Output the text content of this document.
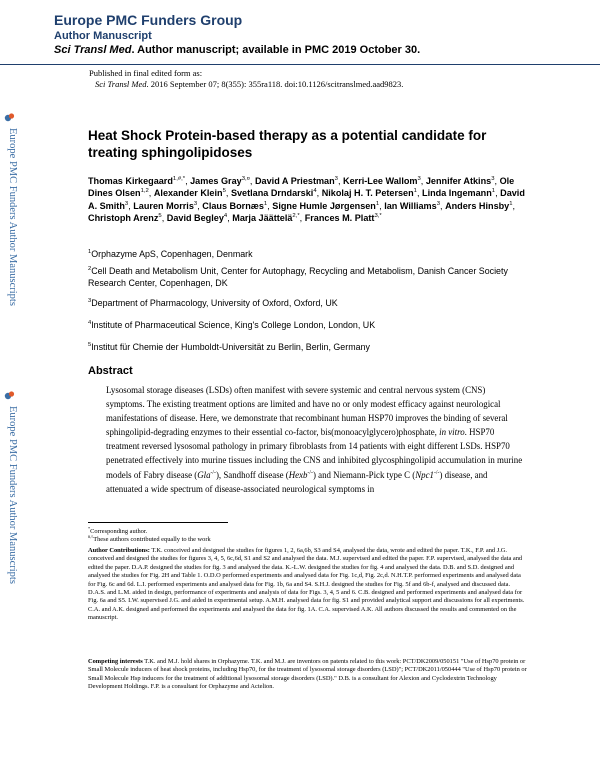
Europe PMC Funders Group
Author Manuscript
Sci Transl Med. Author manuscript; available in PMC 2019 October 30.
Published in final edited form as:
Sci Transl Med. 2016 September 07; 8(355): 355ra118. doi:10.1126/scitranslmed.aad9823.
Europe PMC Funders Author Manuscripts
Europe PMC Funders Author Manuscripts
Heat Shock Protein-based therapy as a potential candidate for treating sphingolipidoses
Thomas Kirkegaard$^{1,\#,*}$, James Gray$^{3,¤}$, David A Priestman$^3$, Kerri-Lee Wallom$^3$, Jennifer Atkins$^3$, Ole Dines Olsen$^{1,2}$, Alexander Klein$^5$, Svetlana Drndarski$^4$, Nikolaj H. T. Petersen$^1$, Linda Ingemann$^1$, David A. Smith$^3$, Lauren Morris$^3$, Claus Bornæs$^1$, Signe Humle Jørgensen$^1$, Ian Williams$^3$, Anders Hinsby$^1$, Christoph Arenz$^5$, David Begley$^4$, Marja Jäättelä$^{2,*}$, Frances M. Platt$^{3,*}$
$^1$Orphazyme ApS, Copenhagen, Denmark
$^2$Cell Death and Metabolism Unit, Center for Autophagy, Recycling and Metabolism, Danish Cancer Society Research Center, Copenhagen, DK
$^3$Department of Pharmacology, University of Oxford, Oxford, UK
$^4$Institute of Pharmaceutical Science, King's College London, London, UK
$^5$Institut für Chemie der Humboldt-Universität zu Berlin, Berlin, Germany
Abstract
Lysosomal storage diseases (LSDs) often manifest with severe systemic and central nervous system (CNS) symptoms. The existing treatment options are limited and have no or only modest efficacy against neurological manifestations of disease. Here, we demonstrate that recombinant human HSP70 improves the binding of several sphingolipid-degrading enzymes to their essential co-factor, bis(monoacylglycero)phosphate, in vitro. HSP70 treatment reversed lysosomal pathology in primary fibroblasts from 14 patients with eight different LSDs. HSP70 penetrated effectively into murine tissues including the CNS and inhibited glycosphingolipid accumulation in murine models of Fabry disease (Gla-/-), Sandhoff disease (Hexb-/-) and Niemann-Pick type C (Npc1-/-) disease, and attenuated a wide spectrum of disease-associated neurological symptoms in
*Corresponding author.
#,¤These authors contributed equally to the work
Author Contributions: T.K. conceived and designed the studies for figures 1, 2, 6a,6b, S3 and S4, analysed the data, wrote and edited the paper. T.K., F.P. and J.G. conceived and designed the studies for figures 3, 4, 5, 6c,6d, S1 and S2 and analysed the data. M.J. supervised and edited the paper. F.P. supervised, analysed the data and edited the paper. D.A.P. designed the studies for fig. 3 and analysed the data. K.-L.W. designed the studies for fig. 4 and analysed the data. D.B. and S.D. designed and analysed the studies for Fig. 2H and Table 1. O.D.O performed experiments and analysed data for Fig. 1c,d, Fig. 2c,d. N.H.T.P. performed experiments and analysed data for Fig. 6c and 6d. L.I. performed experiments and analysed data for Fig. 1b, 6a and S4. S.H.J. designed the studies for Fig. 5f and 6b-f, analysed and discussed data. D.A.S. and L.M. aided in design, performance of experiments and analysis of data for Figs. 3, 4, 5 and 6. C.B. designed and performed experiments and analysed data for Fig. 6a and S5. I.W. supervised J.G. and aided in experimental setup. A.M.H. analysed data for fig. S1 and provided analytical support and discussions for all experiments. C.A. and A.K. designed and performed the experiments and analysed the data for fig. 1A. C.A. supervised A.K. All authors discussed the results and commented on the manuscript.
Competing interests T.K. and M.J. hold shares in Orphazyme. T.K. and M.J. are inventors on patents related to this work: PCT/DK2009/050151 "Use of Hsp70 protein or Small Molecule inducers of heat shock proteins, including Hsp70, for the treatment of lysosomal storage disorders (LSD)"; PCT/DK2011/050444 "Use of Hsp70 protein or Small Molecule Hsp inducers for the treatment of additional lysosomal storage disorders (LSD)." D.B. is a consultant for Alexion and Cyclodextrin Technology Development Holdings. F.P. is a consultant for Orphazyme and Actelion.
